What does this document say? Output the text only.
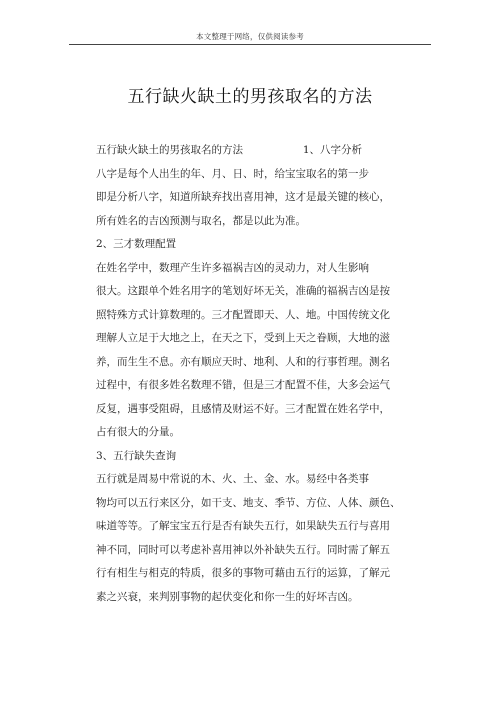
本文整理于网络，仅供阅读参考
五行缺火缺土的男孩取名的方法
五行缺火缺土的男孩取名的方法	1、八字分析
八字是每个人出生的年、月、日、时，给宝宝取名的第一步
即是分析八字，知道所缺弃找出喜用神，这才是最关键的核心，
所有姓名的吉凶预测与取名，都是以此为准。
2、三才数理配置
在姓名学中，数理产生许多福祸吉凶的灵动力，对人生影响
很大。这跟单个姓名用字的笔划好坏无关，准确的福祸吉凶是按
照特殊方式计算数理的。三才配置即天、人、地。中国传统文化
理解人立足于大地之上，在天之下，受到上天之眷顾，大地的滋
养，而生生不息。亦有顺应天时、地利、人和的行事哲理。测名
过程中，有很多姓名数理不错，但是三才配置不佳，大多会运气
反复，遇事受阻碍，且感情及财运不好。三才配置在姓名学中，
占有很大的分量。
3、五行缺失查询
五行就是周易中常说的木、火、土、金、水。易经中各类事
物均可以五行来区分，如干支、地支、季节、方位、人体、颜色、
味道等等。了解宝宝五行是否有缺失五行，如果缺失五行与喜用
神不同，同时可以考虑补喜用神以外补缺失五行。同时需了解五
行有相生与相克的特质，很多的事物可藉由五行的运算，了解元
素之兴衰，来判别事物的起伏变化和你一生的好坏吉凶。
